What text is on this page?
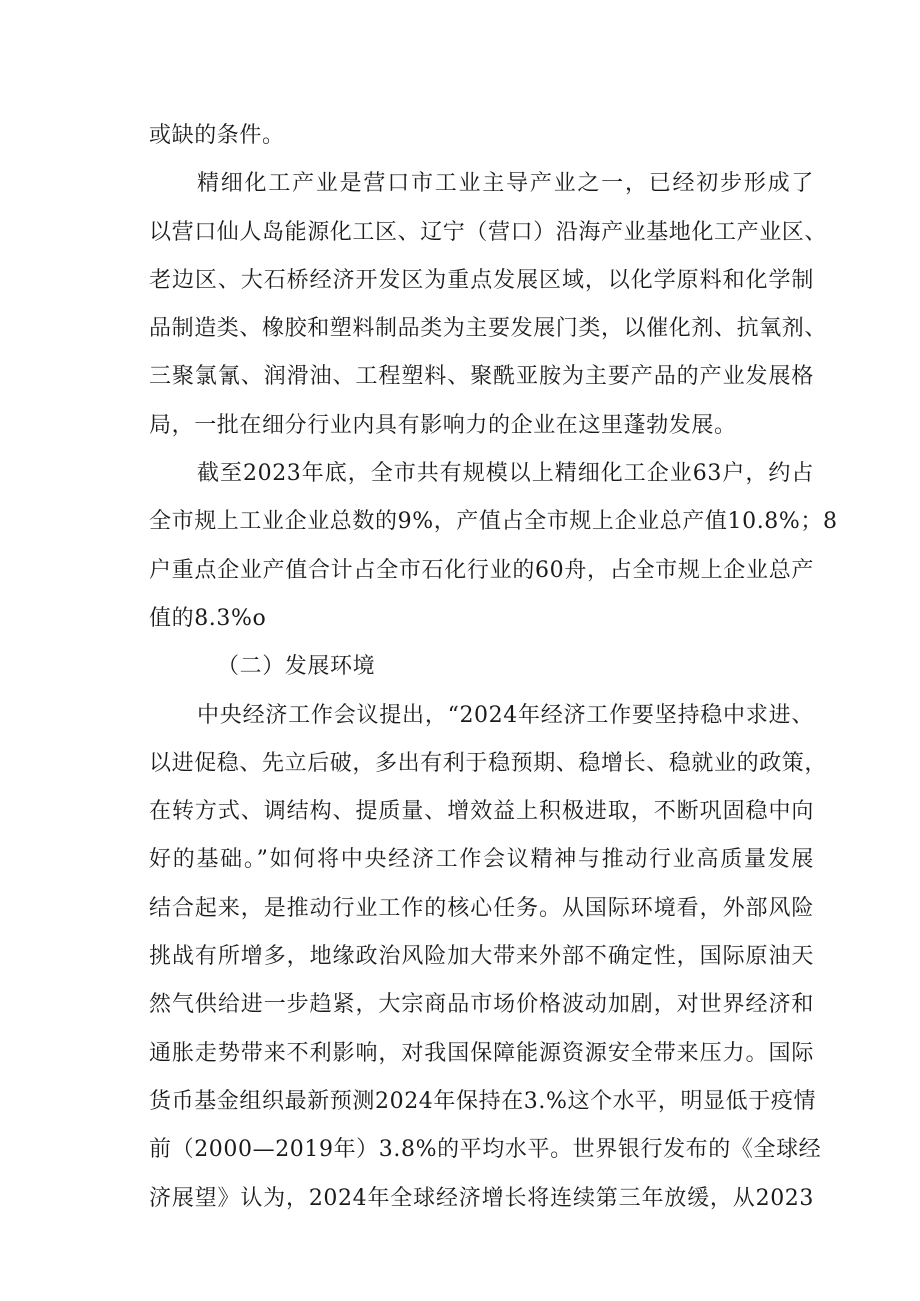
或缺的条件。
精细化工产业是营口市工业主导产业之一，已经初步形成了
以营口仙人岛能源化工区、辽宁（营口）沿海产业基地化工产业区、
老边区、大石桥经济开发区为重点发展区域，以化学原料和化学制
品制造类、橡胶和塑料制品类为主要发展门类，以催化剂、抗氧剂、
三聚氯氰、润滑油、工程塑料、聚酰亚胺为主要产品的产业发展格
局，一批在细分行业内具有影响力的企业在这里蓬勃发展。
截至2023年底，全市共有规模以上精细化工企业63户，约占
全市规上工业企业总数的9%，产值占全市规上企业总产值10.8%；8
户重点企业产值合计占全市石化行业的60舟，占全市规上企业总产
值的8.3%o
（二）发展环境
中央经济工作会议提出，“2024年经济工作要坚持稳中求进、
以进促稳、先立后破，多出有利于稳预期、稳增长、稳就业的政策，
在转方式、调结构、提质量、增效益上积极进取，不断巩固稳中向
好的基础。”如何将中央经济工作会议精神与推动行业高质量发展
结合起来，是推动行业工作的核心任务。从国际环境看，外部风险
挑战有所增多，地缘政治风险加大带来外部不确定性，国际原油天
然气供给进一步趋紧，大宗商品市场价格波动加剧，对世界经济和
通胀走势带来不利影响，对我国保障能源资源安全带来压力。国际
货币基金组织最新预测2024年保持在3.%这个水平，明显低于疫情
前（2000—2019年）3.8%的平均水平。世界银行发布的《全球经
济展望》认为，2024年全球经济增长将连续第三年放缓，从2023
